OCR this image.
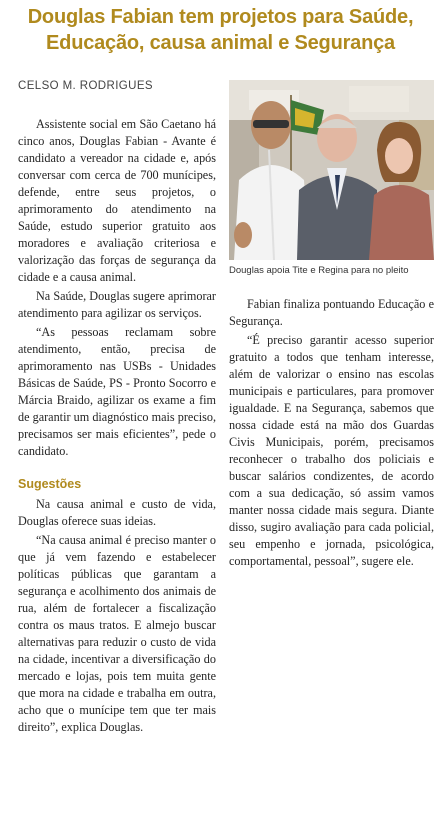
Douglas Fabian tem projetos para Saúde,
Educação, causa animal e Segurança
CELSO M. RODRIGUES
Douglas apoia Tite e Regina para no pleito

Assistente social em São Caetano há cinco anos, Douglas Fabian - Avante é candidato a vereador na cidade e, após conversar com cerca de 700 munícipes, defende, entre seus projetos, o aprimoramento do atendimento na Saúde, estudo superior gratuito aos moradores e avaliação criteriosa e valorização das forças de segurança da cidade e a causa animal.

Na Saúde, Douglas sugere aprimorar atendimento para agilizar os serviços.

“As pessoas reclamam sobre atendimento, então, precisa de aprimoramento nas USBs - Unidades Básicas de Saúde, PS - Pronto Socorro e Márcia Braido, agilizar os exame a fim de garantir um diagnóstico mais preciso, precisamos ser mais eficientes”, pede o candidato.

Sugestões

Na causa animal e custo de vida, Douglas oferece suas ideias.

“Na causa animal é preciso manter o que já vem fazendo e estabelecer políticas públicas que garantam a segurança e acolhimento dos animais de rua, além de fortalecer a fiscalização contra os maus tratos. E almejo buscar alternativas para reduzir o custo de vida na cidade, incentivar a diversificação do mercado e lojas, pois tem muita gente que mora na cidade e trabalha em outra, acho que o munícipe tem que ter mais direito”, explica Douglas.

Fabian finaliza pontuando Educação e Segurança.

“É preciso garantir acesso superior gratuito a todos que tenham interesse, além de valorizar o ensino nas escolas municipais e particulares, para promover igualdade. E na Segurança, sabemos que nossa cidade está na mão dos Guardas Civis Municipais, porém, precisamos reconhecer o trabalho dos policiais e buscar salários condizentes, de acordo com a sua dedicação, só assim vamos manter nossa cidade mais segura. Diante disso, sugiro avaliação para cada policial, seu empenho e jornada, psicológica, comportamental, pessoal”, sugere ele.
